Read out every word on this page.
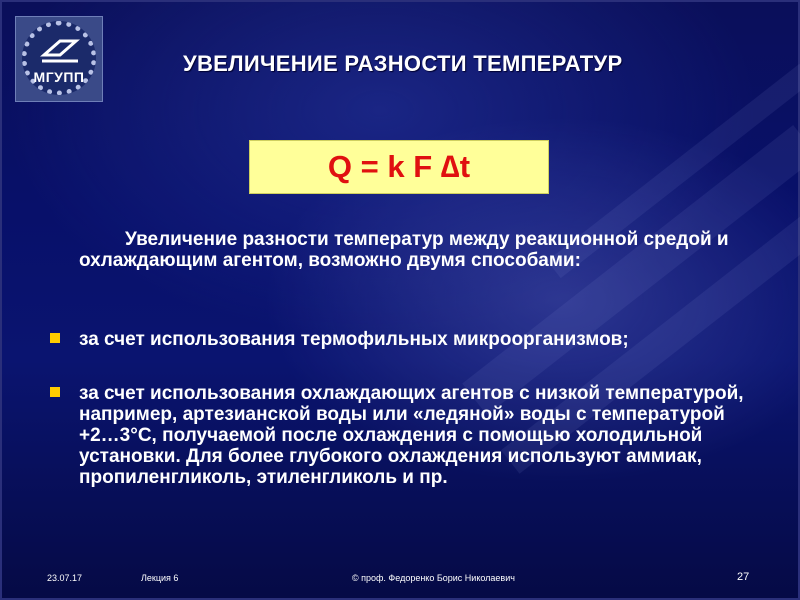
МГУПП
УВЕЛИЧЕНИЕ РАЗНОСТИ ТЕМПЕРАТУР
Q = k F ∆t
Увеличение разности температур между реакционной средой и охлаждающим агентом, возможно двумя способами:
за счет использования термофильных микроорганизмов;
за счет использования охлаждающих агентов с низкой температурой, например, артезианской воды или «ледяной» воды с температурой +2…3°С, получаемой после охлаждения с помощью холодильной установки. Для более глубокого охлаждения используют аммиак, пропиленгликоль, этиленгликоль и пр.
23.07.17	Лекция 6	© проф. Федоренко Борис Николаевич	27
